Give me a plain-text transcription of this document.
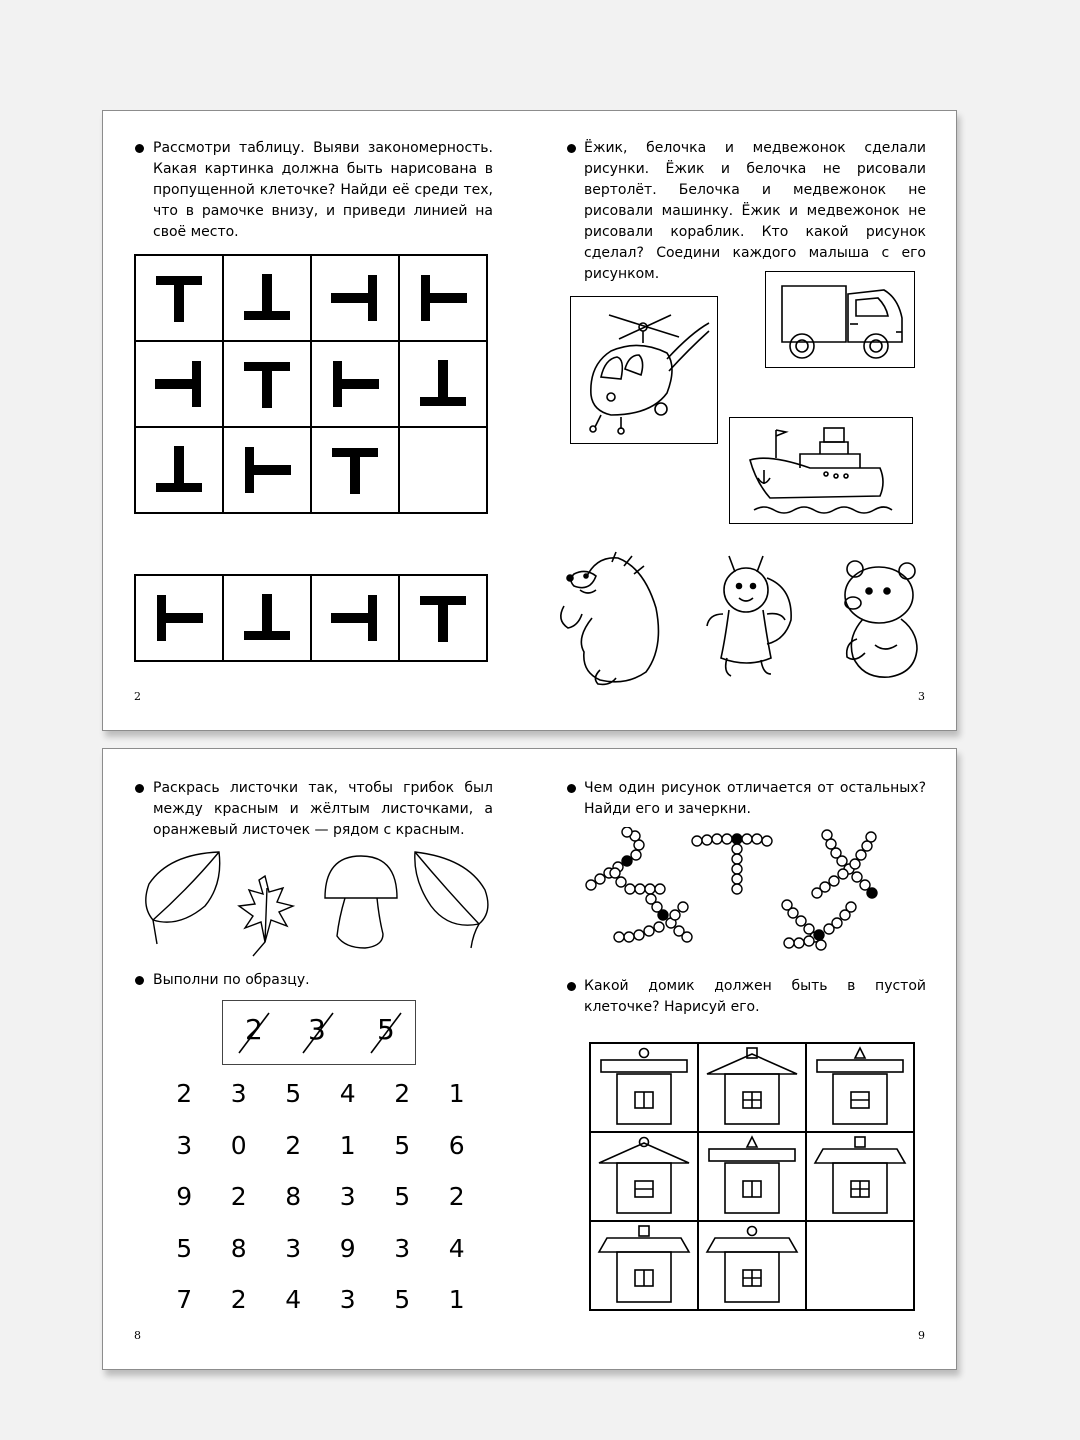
Рассмотри таблицу. Выяви закономерность. Какая картинка должна быть нарисована в пропущенной клеточке? Найди её среди тех, что в рамочке внизу, и приведи линией на своё место.

2
Ёжик, белочка и медвежонок сделали рисунки. Ёжик и белочка не рисовали вертолёт. Белочка и медвежонок не рисовали машинку. Ёжик и медвежонок не рисовали кораблик. Кто какой рисунок сделал? Соедини каждого малыша с его рисунком.
3
Раскрась листочки так, чтобы грибок был между красным и жёлтым листочками, а оранжевый листочек — рядом с красным.
Выполни по образцу.
2 3 5
2	3	5	4	2	1
3	0	2	1	5	6
9	2	8	3	5	2
5	8	3	9	3	4
7	2	4	3	5	1
8
Чем один рисунок отличается от остальных? Найди его и зачеркни.
Какой домик должен быть в пустой клеточке? Нарисуй его.

9
